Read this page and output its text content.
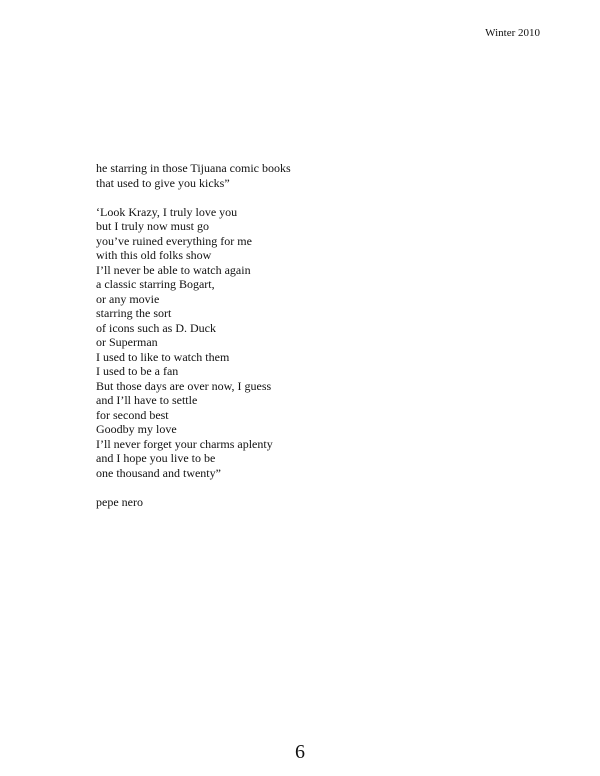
Winter 2010
he starring in those Tijuana comic books
that used to give you kicks”
‘Look Krazy, I truly love you
but I truly now must go
you’ve ruined everything for me
with this old folks show
I’ll never be able to watch again
a classic starring Bogart,
or any movie
starring the sort
of icons such as D. Duck
or Superman
I used to like to watch them
I used to be a fan
But those days are over now, I guess
and I’ll have to settle
for second best
Goodby my love
I’ll never forget your charms aplenty
and I hope you live to be
one thousand and twenty”
pepe nero
6
